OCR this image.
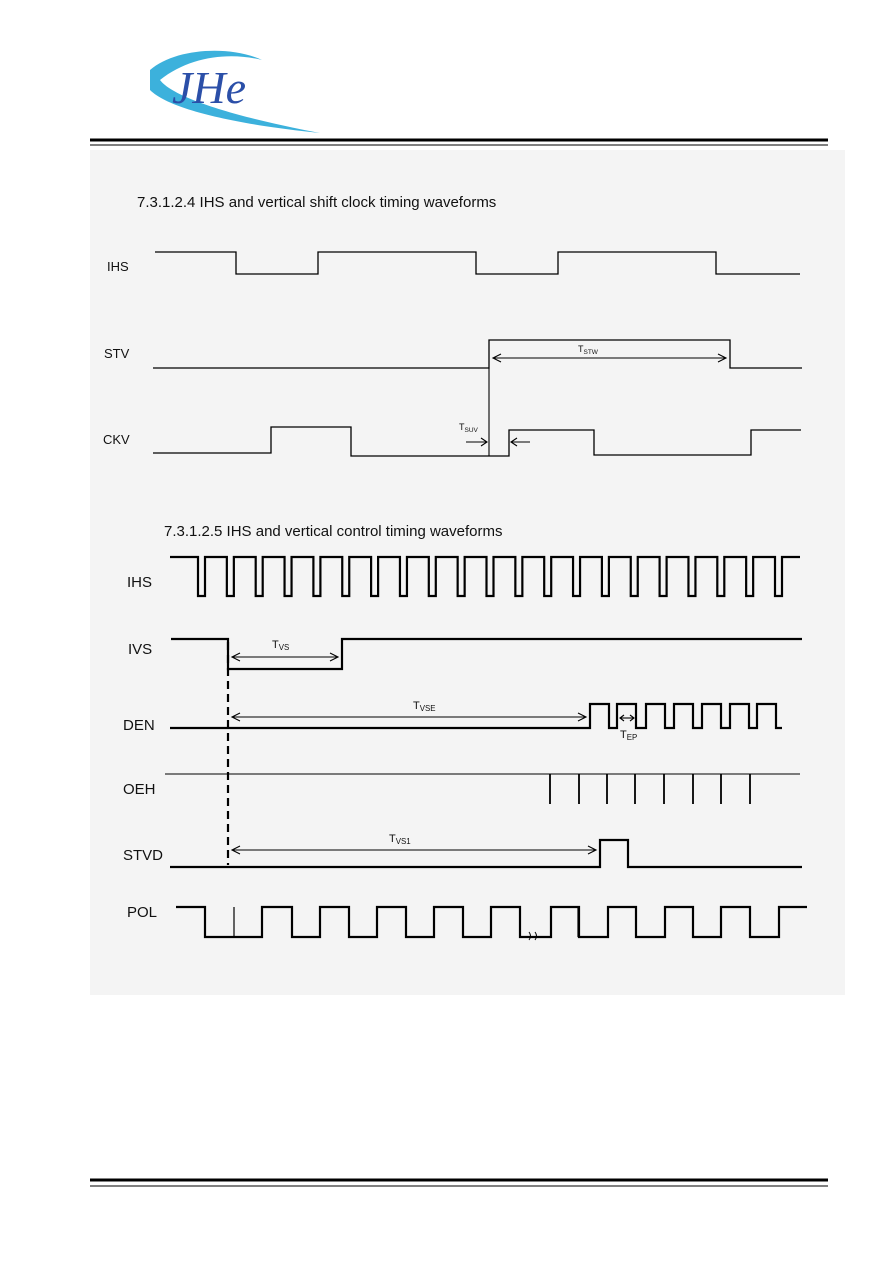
JHe
7.3.1.2.4 IHS and vertical shift clock timing waveforms
IHS
STV
CKV
$T_{STW}$
$T_{SUV}$
7.3.1.2.5 IHS and vertical control timing waveforms
IHS
IVS
DEN
OEH
STVD
POL
TVS
TVSE
TEP
TVS1
